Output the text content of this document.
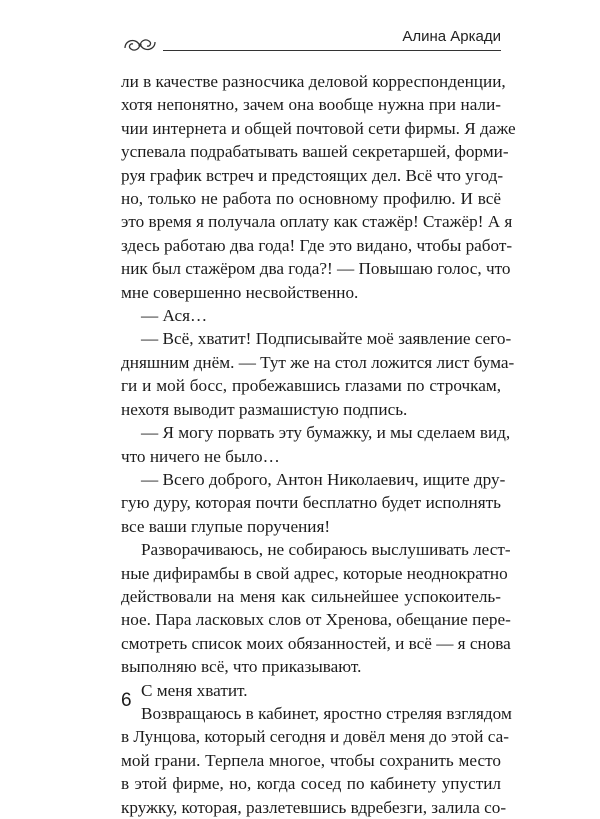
Алина Аркади
ли в качестве разносчика деловой корреспонденции,
хотя непонятно, зачем она вообще нужна при нали-
чии интернета и общей почтовой сети фирмы. Я даже
успевала подрабатывать вашей секретаршей, форми-
руя график встреч и предстоящих дел. Всё что угод-
но, только не работа по основному профилю. И всё
это время я получала оплату как стажёр! Стажёр! А я
здесь работаю два года! Где это видано, чтобы работ-
ник был стажёром два года?! — Повышаю голос, что
мне совершенно несвойственно.
— Ася…
— Всё, хватит! Подписывайте моё заявление сего-
дняшним днём. — Тут же на стол ложится лист бума-
ги и мой босс, пробежавшись глазами по строчкам,
нехотя выводит размашистую подпись.
— Я могу порвать эту бумажку, и мы сделаем вид,
что ничего не было…
— Всего доброго, Антон Николаевич, ищите дру-
гую дуру, которая почти бесплатно будет исполнять
все ваши глупые поручения!
Разворачиваюсь, не собираюсь выслушивать лест-
ные дифирамбы в свой адрес, которые неоднократно
действовали на меня как сильнейшее успокоитель-
ное. Пара ласковых слов от Хренова, обещание пере-
смотреть список моих обязанностей, и всё — я снова
выполняю всё, что приказывают.
С меня хватит.
Возвращаюсь в кабинет, яростно стреляя взглядом
в Лунцова, который сегодня и довёл меня до этой са-
мой грани. Терпела многое, чтобы сохранить место
в этой фирме, но, когда сосед по кабинету упустил
кружку, которая, разлетевшись вдребезги, залила со-
6
